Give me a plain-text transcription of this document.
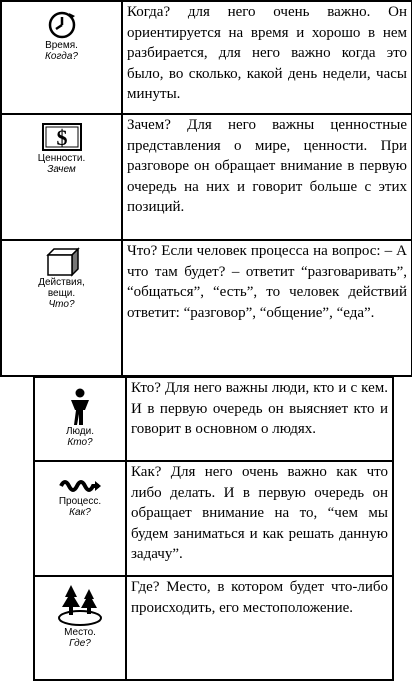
Время.
Когда?	Когда? для него очень важно. Он ориентируется на время и хорошо в нем разбирается, для него важно когда это было, во сколько, какой день недели, часы минуты.

$
Ценности.
Зачем	Зачем? Для него важны ценностные представления о мире, ценности. При разговоре он обращает внимание в первую очередь на них и говорит больше с этих позиций.

Действия,
вещи.
Что?	Что? Если человек процесса на вопрос: – А что там будет? – ответит “разговаривать”, “общаться”, “есть”, то человек действий ответит: “разговор”, “общение”, “еда”.
Люди.
Кто?	Кто? Для него важны люди, кто и с кем. И в первую очередь он выясняет кто и говорит в основном о людях.

Процесс.
Как?	Как? Для него очень важно как что либо делать. И в первую очередь он обращает внимание на то, “чем мы будем заниматься и как решать данную задачу”.

Место.
Где?	Где? Место, в котором будет что-либо происходить, его местоположение.
